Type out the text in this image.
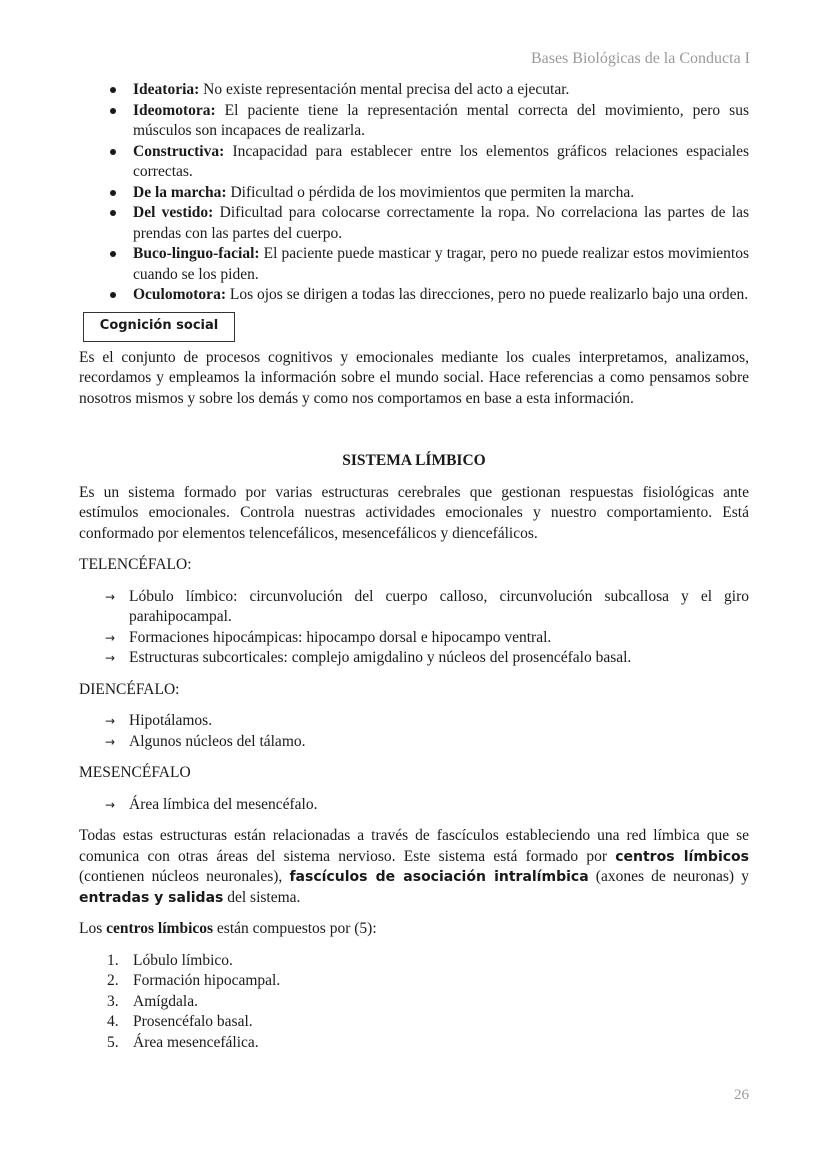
Bases Biológicas de la Conducta I
Ideatoria: No existe representación mental precisa del acto a ejecutar.
Ideomotora: El paciente tiene la representación mental correcta del movimiento, pero sus músculos son incapaces de realizarla.
Constructiva: Incapacidad para establecer entre los elementos gráficos relaciones espaciales correctas.
De la marcha: Dificultad o pérdida de los movimientos que permiten la marcha.
Del vestido: Dificultad para colocarse correctamente la ropa. No correlaciona las partes de las prendas con las partes del cuerpo.
Buco-linguo-facial: El paciente puede masticar y tragar, pero no puede realizar estos movimientos cuando se los piden.
Oculomotora: Los ojos se dirigen a todas las direcciones, pero no puede realizarlo bajo una orden.
Cognición social

Es el conjunto de procesos cognitivos y emocionales mediante los cuales interpretamos, analizamos, recordamos y empleamos la información sobre el mundo social. Hace referencias a como pensamos sobre nosotros mismos y sobre los demás y como nos comportamos en base a esta información.

SISTEMA LÍMBICO

Es un sistema formado por varias estructuras cerebrales que gestionan respuestas fisiológicas ante estímulos emocionales. Controla nuestras actividades emocionales y nuestro comportamiento. Está conformado por elementos telencefálicos, mesencefálicos y diencefálicos.

TELENCÉFALO:
→ Lóbulo límbico: circunvolución del cuerpo calloso, circunvolución subcallosa y el giro parahipocampal.
→ Formaciones hipocámpicas: hipocampo dorsal e hipocampo ventral.
→ Estructuras subcorticales: complejo amigdalino y núcleos del prosencéfalo basal.
DIENCÉFALO:
→ Hipotálamos.
→ Algunos núcleos del tálamo.
MESENCÉFALO
→ Área límbica del mesencéfalo.

Todas estas estructuras están relacionadas a través de fascículos estableciendo una red límbica que se comunica con otras áreas del sistema nervioso. Este sistema está formado por centros límbicos (contienen núcleos neuronales), fascículos de asociación intralímbica (axones de neuronas) y entradas y salidas del sistema.

Los centros límbicos están compuestos por (5):

1. Lóbulo límbico.
2. Formación hipocampal.
3. Amígdala.
4. Prosencéfalo basal.
5. Área mesencefálica.
26
